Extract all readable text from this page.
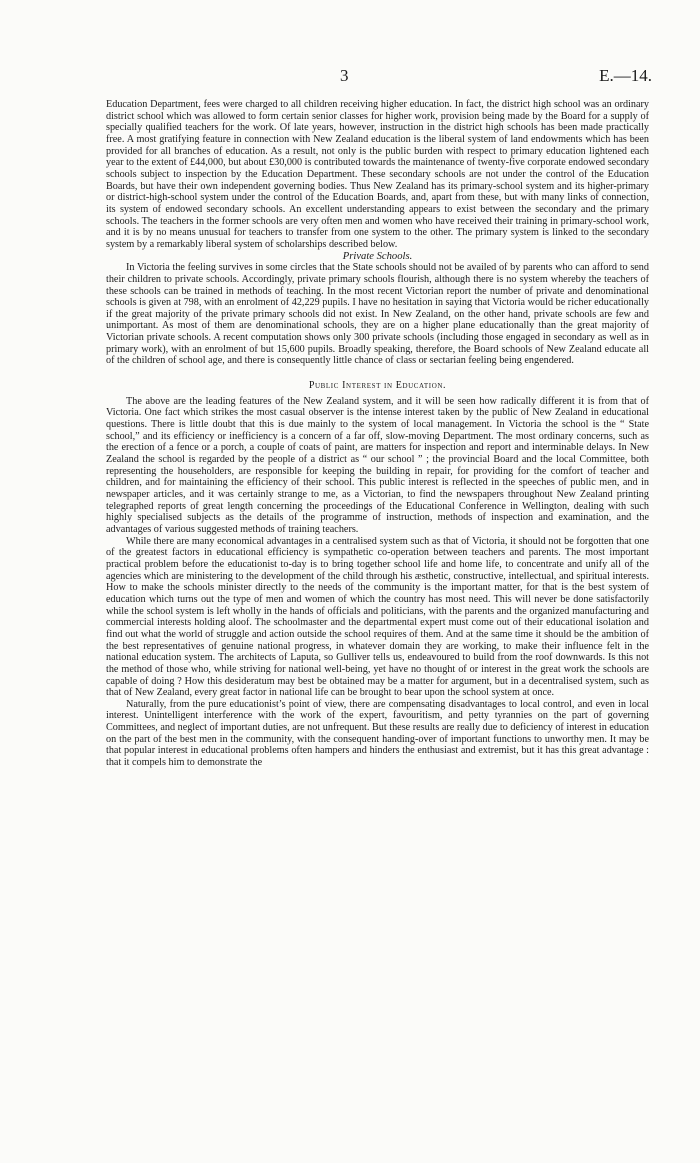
3	E.—14.

Education Department, fees were charged to all children receiving higher education. In fact, the district high school was an ordinary district school which was allowed to form certain senior classes for higher work, provision being made by the Board for a supply of specially qualified teachers for the work. Of late years, however, instruction in the district high schools has been made practically free. A most gratifying feature in connection with New Zealand education is the liberal system of land endowments which has been provided for all branches of education. As a result, not only is the public burden with respect to primary education lightened each year to the extent of £44,000, but about £30,000 is contributed towards the maintenance of twenty-five corporate endowed secondary schools subject to inspection by the Education Department. These secondary schools are not under the control of the Education Boards, but have their own independent governing bodies. Thus New Zealand has its primary-school system and its higher-primary or district-high-school system under the control of the Education Boards, and, apart from these, but with many links of connection, its system of endowed secondary schools. An excellent understanding appears to exist between the secondary and the primary schools. The teachers in the former schools are very often men and women who have received their training in primary-school work, and it is by no means unusual for teachers to transfer from one system to the other. The primary system is linked to the secondary system by a remarkably liberal system of scholarships described below.

Private Schools.

In Victoria the feeling survives in some circles that the State schools should not be availed of by parents who can afford to send their children to private schools. Accordingly, private primary schools flourish, although there is no system whereby the teachers of these schools can be trained in methods of teaching. In the most recent Victorian report the number of private and denominational schools is given at 798, with an enrolment of 42,229 pupils. I have no hesitation in saying that Victoria would be richer educationally if the great majority of the private primary schools did not exist. In New Zealand, on the other hand, private schools are few and unimportant. As most of them are denominational schools, they are on a higher plane educationally than the great majority of Victorian private schools. A recent computation shows only 300 private schools (including those engaged in secondary as well as in primary work), with an enrolment of but 15,600 pupils. Broadly speaking, therefore, the Board schools of New Zealand educate all of the children of school age, and there is consequently little chance of class or sectarian feeling being engendered.

Public Interest in Education.

The above are the leading features of the New Zealand system, and it will be seen how radically different it is from that of Victoria. One fact which strikes the most casual observer is the intense interest taken by the public of New Zealand in educational questions. There is little doubt that this is due mainly to the system of local management. In Victoria the school is the “ State school,” and its efficiency or inefficiency is a concern of a far off, slow-moving Department. The most ordinary concerns, such as the erection of a fence or a porch, a couple of coats of paint, are matters for inspection and report and interminable delays. In New Zealand the school is regarded by the people of a district as “ our school ” ; the provincial Board and the local Committee, both representing the householders, are responsible for keeping the building in repair, for providing for the comfort of teacher and children, and for maintaining the efficiency of their school. This public interest is reflected in the speeches of public men, and in newspaper articles, and it was certainly strange to me, as a Victorian, to find the newspapers throughout New Zealand printing telegraphed reports of great length concerning the proceedings of the Educational Conference in Wellington, dealing with such highly specialised subjects as the details of the programme of instruction, methods of inspection and examination, and the advantages of various suggested methods of training teachers.

While there are many economical advantages in a centralised system such as that of Victoria, it should not be forgotten that one of the greatest factors in educational efficiency is sympathetic co-operation between teachers and parents. The most important practical problem before the educationist to-day is to bring together school life and home life, to concentrate and unify all of the agencies which are ministering to the development of the child through his æsthetic, constructive, intellectual, and spiritual interests. How to make the schools minister directly to the needs of the community is the important matter, for that is the best system of education which turns out the type of men and women of which the country has most need. This will never be done satisfactorily while the school system is left wholly in the hands of officials and politicians, with the parents and the organized manufacturing and commercial interests holding aloof. The schoolmaster and the departmental expert must come out of their educational isolation and find out what the world of struggle and action outside the school requires of them. And at the same time it should be the ambition of the best representatives of genuine national progress, in whatever domain they are working, to make their influence felt in the national education system. The architects of Laputa, so Gulliver tells us, endeavoured to build from the roof downwards. Is this not the method of those who, while striving for national well-being, yet have no thought of or interest in the great work the schools are capable of doing ? How this desideratum may best be obtained may be a matter for argument, but in a decentralised system, such as that of New Zealand, every great factor in national life can be brought to bear upon the school system at once.

Naturally, from the pure educationist’s point of view, there are compensating disadvantages to local control, and even in local interest. Unintelligent interference with the work of the expert, favouritism, and petty tyrannies on the part of governing Committees, and neglect of important duties, are not unfrequent. But these results are really due to deficiency of interest in education on the part of the best men in the community, with the consequent handing-over of important functions to unworthy men. It may be that popular interest in educational problems often hampers and hinders the enthusiast and extremist, but it has this great advantage : that it compels him to demonstrate the
